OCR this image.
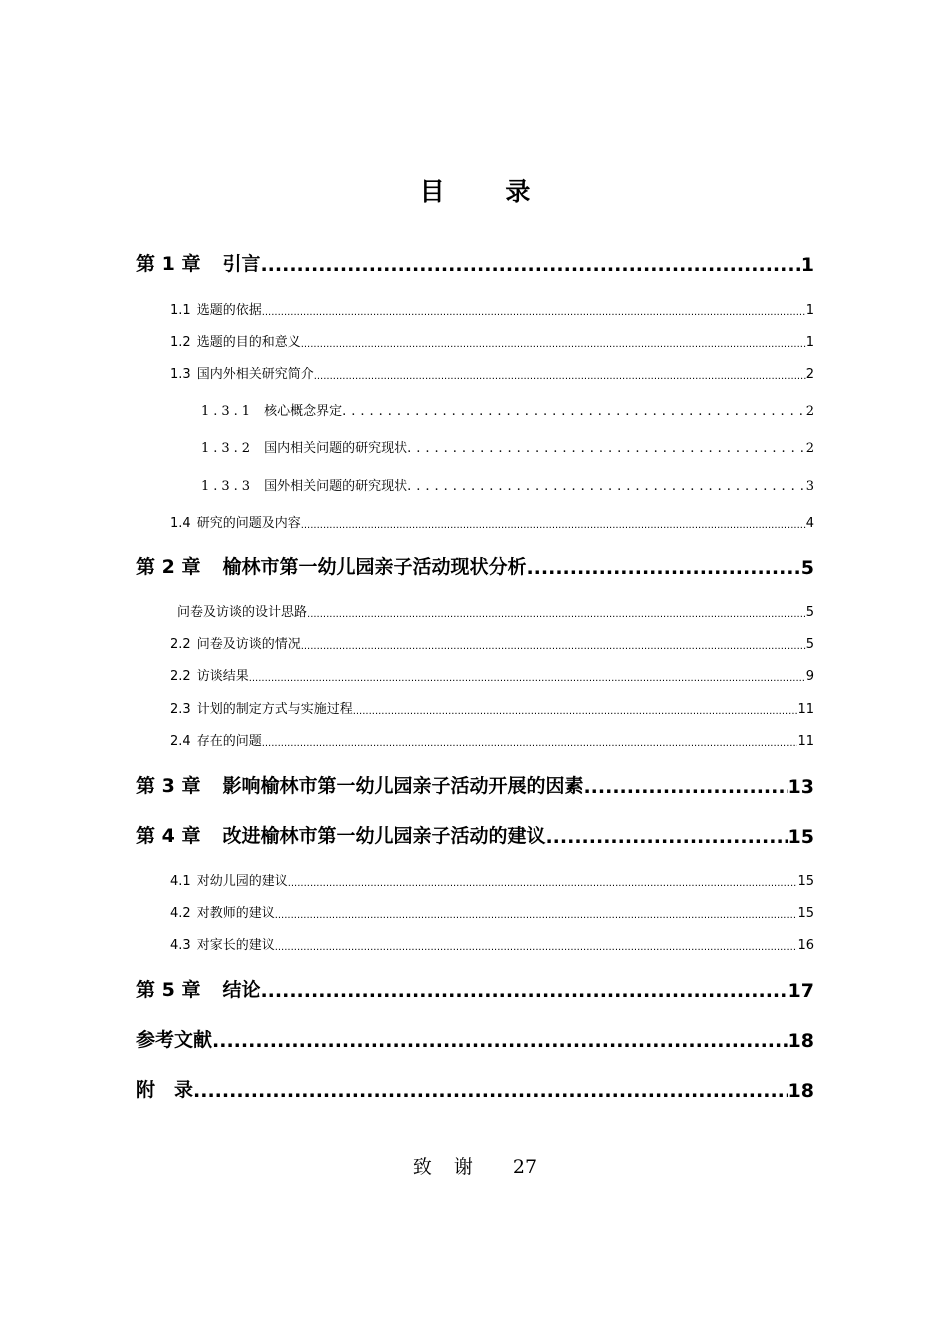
目 录
第 1 章 引言 .....	1
1.1 选题的依据 .....	1
1.2 选题的目的和意义 .....	1
1.3 国内外相关研究简介 .....	2
1.3.1 核心概念界定 .....	2
1.3.2 国内相关问题的研究现状 .....	2
1.3.3 国外相关问题的研究现状 .....	3
1.4 研究的问题及内容 .....	4
第 2 章 榆林市第一幼儿园亲子活动现状分析 .....	5
问卷及访谈的设计思路 .....	5
2.2 问卷及访谈的情况 .....	5
2.2 访谈结果 .....	9
2.3 计划的制定方式与实施过程 .....	11
2.4 存在的问题 .....	11
第 3 章 影响榆林市第一幼儿园亲子活动开展的因素 .....	13
第 4 章 改进榆林市第一幼儿园亲子活动的建议 .....	15
4.1 对幼儿园的建议 .....	15
4.2 对教师的建议 .....	15
4.3 对家长的建议 .....	16
第 5 章 结论 .....	17
参考文献 .....	18
附　录 .....	18
致谢 27
